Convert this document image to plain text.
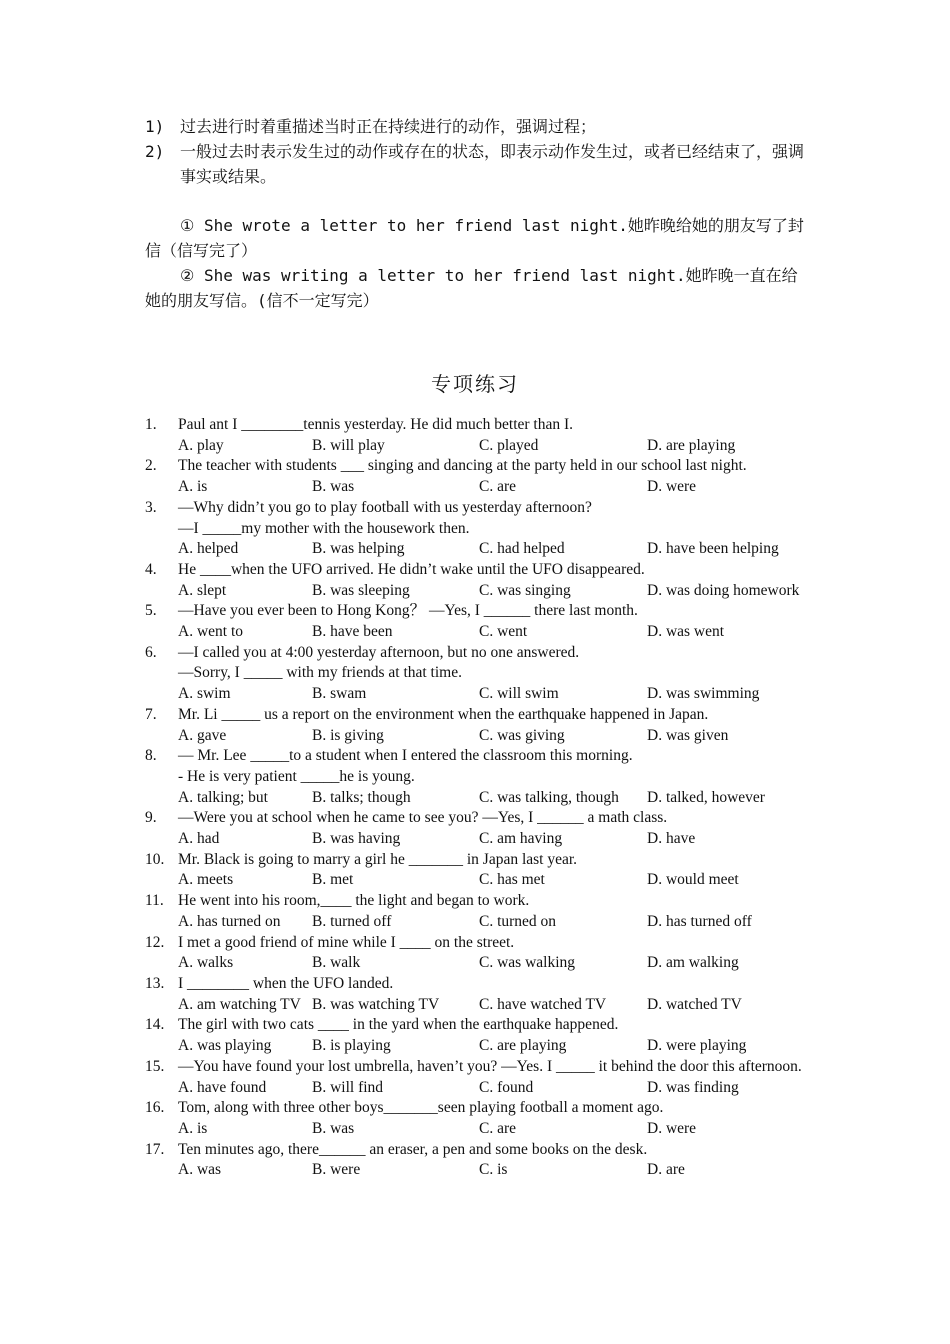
1) 过去进行时着重描述当时正在持续进行的动作，强调过程；
2) 一般过去时表示发生过的动作或存在的状态，即表示动作发生过，或者已经结束了，强调事实或结果。
① She wrote a letter to her friend last night.她昨晚给她的朋友写了封信（信写完了）
② She was writing a letter to her friend last night.她昨晚一直在给她的朋友写信。(信不一定写完）
专项练习
1.	Paul ant I ________tennis yesterday. He did much better than I.
A. play	B. will play	C. played	D. are playing
2.	The teacher with students ___ singing and dancing at the party held in our school last night.
A. is	B. was	C. are	D. were
3.	—Why didn’t you go to play football with us yesterday afternoon?
—I _____my mother with the housework then.
A. helped	B. was helping	C. had helped	D. have been helping
4.	He ____when the UFO arrived. He didn’t wake until the UFO disappeared.
A. slept	B. was sleeping	C. was singing	D. was doing homework
5.	—Have you ever been to Hong Kong？ —Yes, I ______ there last month.
A. went to	B. have been	C. went	D. was went
6.	—I called you at 4:00 yesterday afternoon, but no one answered.
—Sorry, I _____ with my friends at that time.
A. swim	B. swam	C. will swim	D. was swimming
7.	Mr. Li _____ us a report on the environment when the earthquake happened in Japan.
A. gave	B. is giving	C. was giving	D. was given
8.	— Mr. Lee _____to a student when I entered the classroom this morning.
- He is very patient _____he is young.
A. talking; but	B. talks; though	C. was talking, though	D. talked, however
9.	—Were you at school when he came to see you? —Yes, I ______ a math class.
A. had	B. was having	C. am having	D. have
10. Mr. Black is going to marry a girl he _______ in Japan last year.
A. meets	B. met	C. has met	D. would meet
11. He went into his room,____ the light and began to work.
A. has turned on	B. turned off	C. turned on	D. has turned off
12. I met a good friend of mine while I ____ on the street.
A. walks	B. walk	C. was walking	D. am walking
13. I ________ when the UFO landed.
A. am watching TV B. was watching TV	C. have watched TV	D. watched TV
14. The girl with two cats ____ in the yard when the earthquake happened.
A. was playing	B. is playing	C. are playing	D. were playing
15. —You have found your lost umbrella, haven’t you? —Yes. I _____ it behind the door this afternoon.
A. have found	B. will find	C. found	D. was finding
16. Tom, along with three other boys_______seen playing football a moment ago.
A. is	B. was	C. are	D. were
17. Ten minutes ago, there______ an eraser, a pen and some books on the desk.
A. was	B. were	C. is	D. are
